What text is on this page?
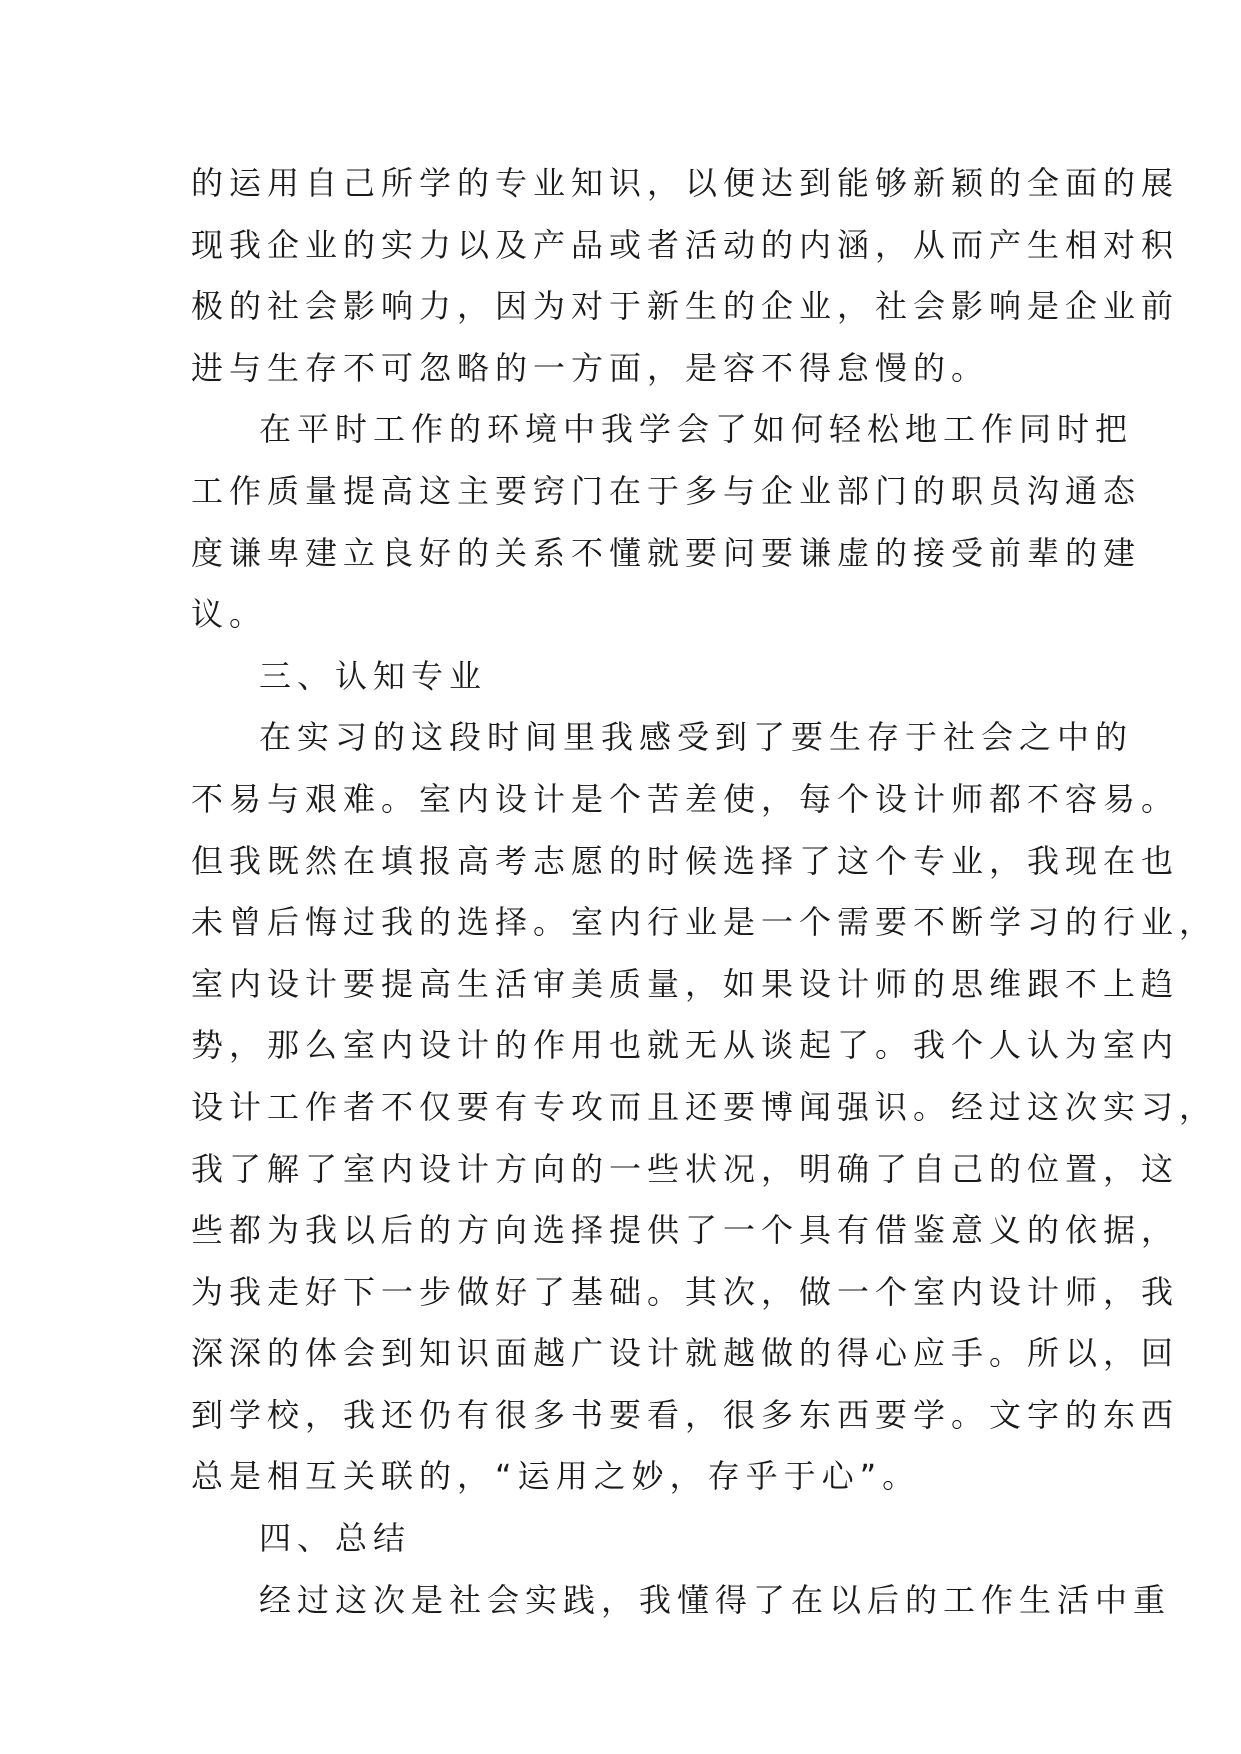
的运用自己所学的专业知识，以便达到能够新颖的全面的展
现我企业的实力以及产品或者活动的内涵，从而产生相对积
极的社会影响力，因为对于新生的企业，社会影响是企业前
进与生存不可忽略的一方面，是容不得怠慢的。
在平时工作的环境中我学会了如何轻松地工作同时把
工作质量提高这主要窍门在于多与企业部门的职员沟通态
度谦卑建立良好的关系不懂就要问要谦虚的接受前辈的建
议。
三、认知专业
在实习的这段时间里我感受到了要生存于社会之中的
不易与艰难。室内设计是个苦差使，每个设计师都不容易。
但我既然在填报高考志愿的时候选择了这个专业，我现在也
未曾后悔过我的选择。室内行业是一个需要不断学习的行业，
室内设计要提高生活审美质量，如果设计师的思维跟不上趋
势，那么室内设计的作用也就无从谈起了。我个人认为室内
设计工作者不仅要有专攻而且还要博闻强识。经过这次实习，
我了解了室内设计方向的一些状况，明确了自己的位置，这
些都为我以后的方向选择提供了一个具有借鉴意义的依据，
为我走好下一步做好了基础。其次，做一个室内设计师，我
深深的体会到知识面越广设计就越做的得心应手。所以，回
到学校，我还仍有很多书要看，很多东西要学。文字的东西
总是相互关联的，“运用之妙，存乎于心”。
四、总结
经过这次是社会实践，我懂得了在以后的工作生活中重
